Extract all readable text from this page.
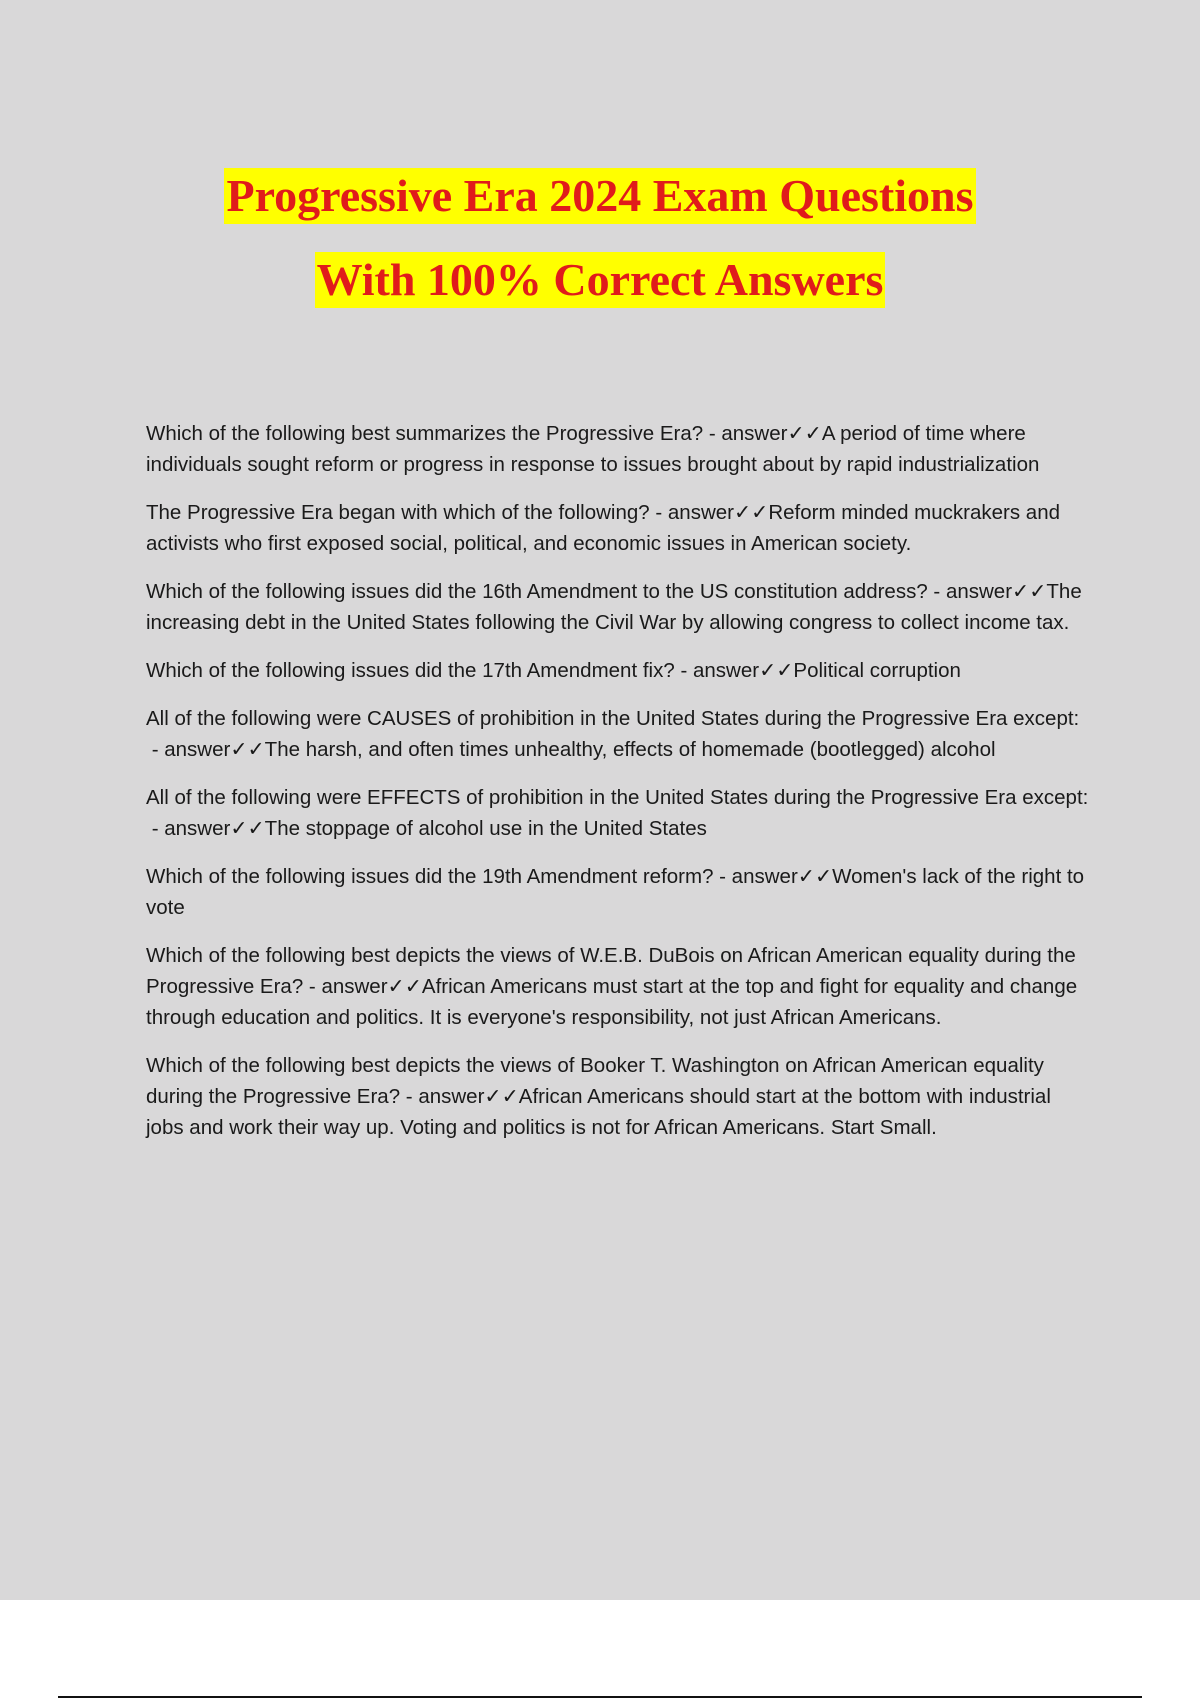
Progressive Era 2024 Exam Questions
With 100% Correct Answers

Which of the following best summarizes the Progressive Era? - answer✓✓A period of time where individuals sought reform or progress in response to issues brought about by rapid industrialization

The Progressive Era began with which of the following? - answer✓✓Reform minded muckrakers and activists who first exposed social, political, and economic issues in American society.

Which of the following issues did the 16th Amendment to the US constitution address? - answer✓✓The increasing debt in the United States following the Civil War by allowing congress to collect income tax.

Which of the following issues did the 17th Amendment fix? - answer✓✓Political corruption

All of the following were CAUSES of prohibition in the United States during the Progressive Era except: - answer✓✓The harsh, and often times unhealthy, effects of homemade (bootlegged) alcohol

All of the following were EFFECTS of prohibition in the United States during the Progressive Era except: - answer✓✓The stoppage of alcohol use in the United States

Which of the following issues did the 19th Amendment reform? - answer✓✓Women's lack of the right to vote

Which of the following best depicts the views of W.E.B. DuBois on African American equality during the Progressive Era? - answer✓✓African Americans must start at the top and fight for equality and change through education and politics. It is everyone's responsibility, not just African Americans.

Which of the following best depicts the views of Booker T. Washington on African American equality during the Progressive Era? - answer✓✓African Americans should start at the bottom with industrial jobs and work their way up. Voting and politics is not for African Americans. Start Small.
